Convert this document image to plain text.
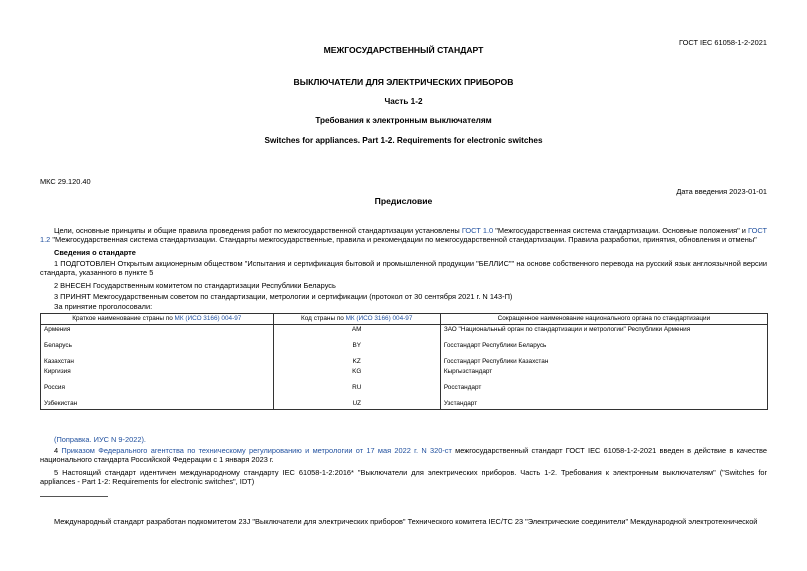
ГОСТ IEC 61058-1-2-2021
МЕЖГОСУДАРСТВЕННЫЙ СТАНДАРТ
ВЫКЛЮЧАТЕЛИ ДЛЯ ЭЛЕКТРИЧЕСКИХ ПРИБОРОВ
Часть 1-2
Требования к электронным выключателям
Switches for appliances. Part 1-2. Requirements for electronic switches
МКС 29.120.40
Дата введения 2023-01-01
Предисловие
Цели, основные принципы и общие правила проведения работ по межгосударственной стандартизации установлены ГОСТ 1.0 "Межгосударственная система стандартизации. Основные положения" и ГОСТ 1.2 "Межгосударственная система стандартизации. Стандарты межгосударственные, правила и рекомендации по межгосударственной стандартизации. Правила разработки, принятия, обновления и отмены"
Сведения о стандарте
1 ПОДГОТОВЛЕН Открытым акционерным обществом "Испытания и сертификация бытовой и промышленной продукции "БЕЛЛИС"" на основе собственного перевода на русский язык англоязычной версии стандарта, указанного в пункте 5
2 ВНЕСЕН Государственным комитетом по стандартизации Республики Беларусь
3 ПРИНЯТ Межгосударственным советом по стандартизации, метрологии и сертификации (протокол от 30 сентября 2021 г. N 143-П)
За принятие проголосовали:
Краткое наименование страны по МК (ИСО 3166) 004-97	Код страны по МК (ИСО 3166) 004-97	Сокращенное наименование национального органа по стандартизации
Армения	AM	ЗАО "Национальный орган по стандартизации и метрологии" Республики Армения
Беларусь	BY	Госстандарт Республики Беларусь
Казахстан	KZ	Госстандарт Республики Казахстан
Киргизия	KG	Кыргызстандарт
Россия	RU	Росстандарт
Узбекистан	UZ	Узстандарт
(Поправка. ИУС N 9-2022).
4 Приказом Федерального агентства по техническому регулированию и метрологии от 17 мая 2022 г. N 320-ст межгосударственный стандарт ГОСТ IEC 61058-1-2-2021 введен в действие в качестве национального стандарта Российской Федерации с 1 января 2023 г.
5 Настоящий стандарт идентичен международному стандарту IEC 61058-1-2:2016* "Выключатели для электрических приборов. Часть 1-2. Требования к электронным выключателям" ("Switches for appliances - Part 1-2: Requirements for electronic switches", IDT)
Международный стандарт разработан подкомитетом 23J "Выключатели для электрических приборов" Технического комитета IEC/TC 23 "Электрические соединители" Международной электротехнической
